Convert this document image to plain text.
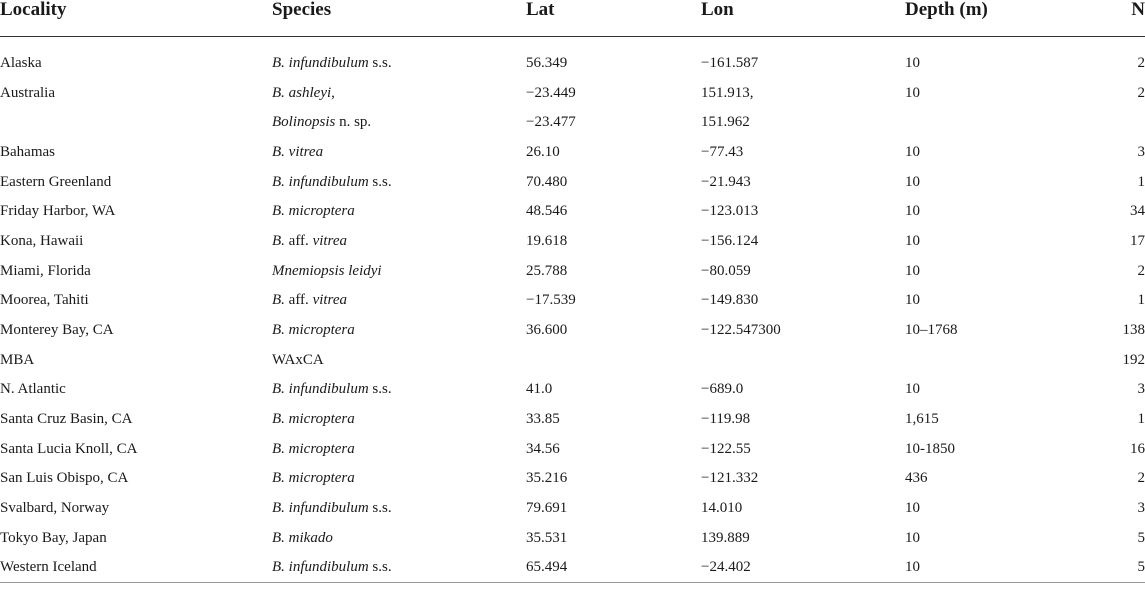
Locality	Species	Lat	Lon	Depth (m)	N

Alaska	B. infundibulum s.s.	56.349	−161.587	10	2
Australia	B. ashleyi,	−23.449	151.913,	10	2
	Bolinopsis n. sp.	−23.477	151.962		
Bahamas	B. vitrea	26.10	−77.43	10	3
Eastern Greenland	B. infundibulum s.s.	70.480	−21.943	10	1
Friday Harbor, WA	B. microptera	48.546	−123.013	10	34
Kona, Hawaii	B. aff. vitrea	19.618	−156.124	10	17
Miami, Florida	Mnemiopsis leidyi	25.788	−80.059	10	2
Moorea, Tahiti	B. aff. vitrea	−17.539	−149.830	10	1
Monterey Bay, CA	B. microptera	36.600	−122.547300	10–1768	138
MBA	WAxCA				192
N. Atlantic	B. infundibulum s.s.	41.0	−689.0	10	3
Santa Cruz Basin, CA	B. microptera	33.85	−119.98	1,615	1
Santa Lucia Knoll, CA	B. microptera	34.56	−122.55	10-1850	16
San Luis Obispo, CA	B. microptera	35.216	−121.332	436	2
Svalbard, Norway	B. infundibulum s.s.	79.691	14.010	10	3
Tokyo Bay, Japan	B. mikado	35.531	139.889	10	5
Western Iceland	B. infundibulum s.s.	65.494	−24.402	10	5
